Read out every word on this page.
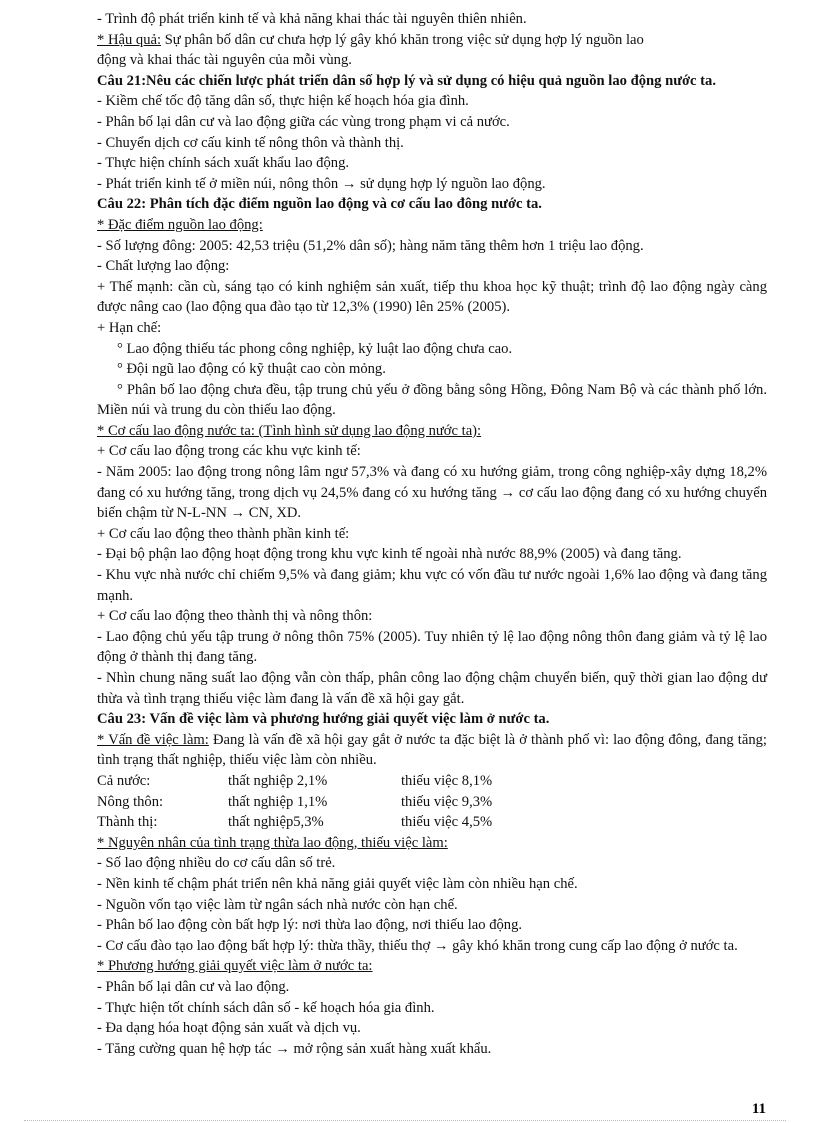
- Trình độ phát triển kinh tế và khả năng khai thác tài nguyên thiên nhiên.
* Hậu quả: Sự phân bố dân cư chưa hợp lý gây khó khăn trong việc sử dụng hợp lý nguồn lao
động và khai thác tài nguyên của mỗi vùng.
Câu 21:Nêu các chiến lược phát triển dân số hợp lý và sử dụng có hiệu quả nguồn lao động nước ta.
- Kiềm chế tốc độ tăng dân số, thực hiện kế hoạch hóa gia đình.
- Phân bố lại dân cư và lao động giữa các vùng trong phạm vi cả nước.
- Chuyển dịch cơ cấu kinh tế nông thôn và thành thị.
- Thực hiện chính sách xuất khẩu lao động.
- Phát triển kinh tế ở miền núi, nông thôn → sử dụng hợp lý nguồn lao động.
Câu 22: Phân tích đặc điểm nguồn lao động và cơ cấu lao đông nước ta.
* Đặc điểm nguồn lao động:
- Số lượng đông: 2005: 42,53 triệu (51,2% dân số); hàng năm tăng thêm hơn 1 triệu lao động.
- Chất lượng lao động:
+ Thế mạnh: cần cù, sáng tạo có kinh nghiệm sản xuất, tiếp thu khoa học kỹ thuật; trình độ lao động ngày càng được nâng cao (lao động qua đào tạo từ 12,3% (1990) lên 25% (2005).
+ Hạn chế:
° Lao động thiếu tác phong công nghiệp, kỷ luật lao động chưa cao.
° Đội ngũ lao động có kỹ thuật cao còn mỏng.
° Phân bố lao động chưa đều, tập trung chủ yếu ở đồng bằng sông Hồng, Đông Nam Bộ và các thành phố lớn. Miền núi và trung du còn thiếu lao động.
* Cơ cấu lao động nước ta: (Tình hình sử dụng lao động nước ta):
+ Cơ cấu lao động trong các khu vực kinh tế:
- Năm 2005: lao động trong nông lâm ngư 57,3% và đang có xu hướng giảm, trong công nghiệp-xây dựng 18,2% đang có xu hướng tăng, trong dịch vụ 24,5% đang có xu hướng tăng → cơ cấu lao động đang có xu hướng chuyển biến chậm từ N-L-NN → CN, XD.
+ Cơ cấu lao động theo thành phần kinh tế:
- Đại bộ phận lao động hoạt động trong khu vực kinh tế ngoài nhà nước 88,9% (2005) và đang tăng.
- Khu vực nhà nước chỉ chiếm 9,5% và đang giảm; khu vực có vốn đầu tư nước ngoài 1,6% lao động và đang tăng mạnh.
+ Cơ cấu lao động theo thành thị và nông thôn:
- Lao động chủ yếu tập trung ở nông thôn 75% (2005). Tuy nhiên tỷ lệ lao động nông thôn đang giảm và tỷ lệ lao động ở thành thị đang tăng.
- Nhìn chung năng suất lao động vẫn còn thấp, phân công lao động chậm chuyển biến, quỹ thời gian lao động dư thừa và tình trạng thiếu việc làm đang là vấn đề xã hội gay gắt.
Câu 23: Vấn đề việc làm và phương hướng giải quyết việc làm ở nước ta.
* Vấn đề việc làm: Đang là vấn đề xã hội gay gắt ở nước ta đặc biệt là ở thành phố vì: lao động đông, đang tăng; tình trạng thất nghiệp, thiếu việc làm còn nhiều.
Cả nước:	thất nghiệp 2,1%	thiếu việc 8,1%
Nông thôn:	thất nghiệp 1,1%	thiếu việc 9,3%
Thành thị:	thất nghiệp5,3%	thiếu việc 4,5%
* Nguyên nhân của tình trạng thừa lao động, thiếu việc làm:
- Số lao động nhiều do cơ cấu dân số trẻ.
- Nền kinh tế chậm phát triển nên khả năng giải quyết việc làm còn nhiều hạn chế.
- Nguồn vốn tạo việc làm từ ngân sách nhà nước còn hạn chế.
- Phân bố lao động còn bất hợp lý: nơi thừa lao động, nơi thiếu lao động.
- Cơ cấu đào tạo lao động bất hợp lý: thừa thầy, thiếu thợ → gây khó khăn trong cung cấp lao động ở nước ta.
* Phương hướng giải quyết việc làm ở nước ta:
- Phân bố lại dân cư và lao động.
- Thực hiện tốt chính sách dân số - kế hoạch hóa gia đình.
- Đa dạng hóa hoạt động sản xuất và dịch vụ.
- Tăng cường quan hệ hợp tác → mở rộng sản xuất hàng xuất khẩu.
11
